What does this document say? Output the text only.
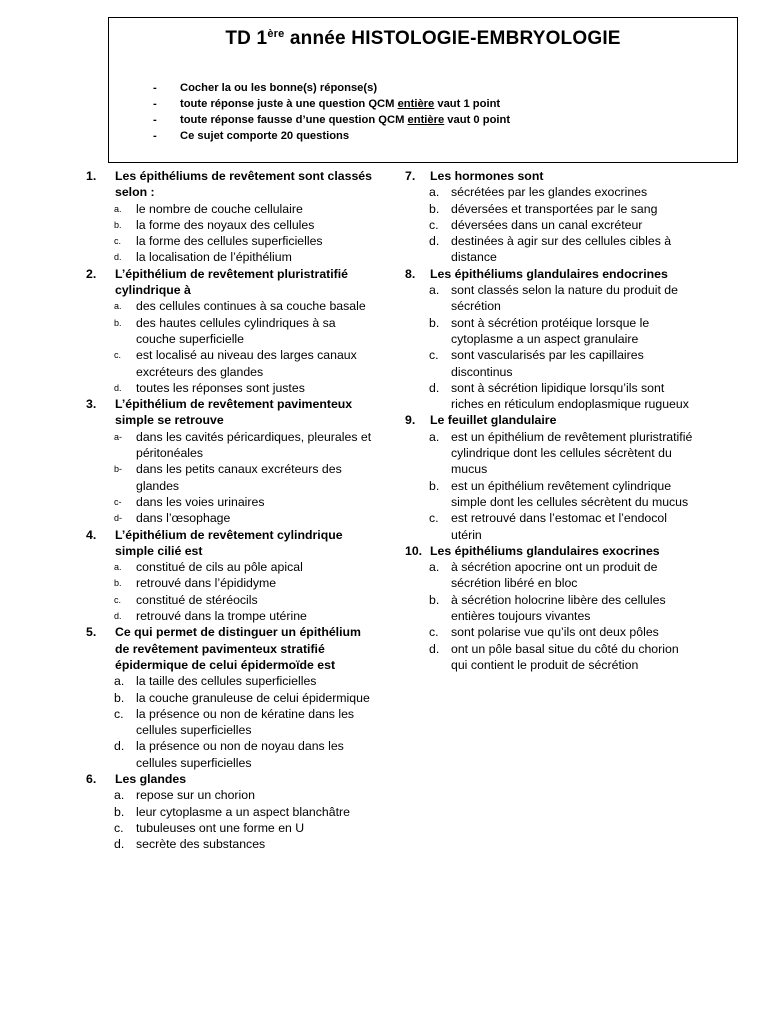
TD 1ère année HISTOLOGIE-EMBRYOLOGIE
- Cocher la ou les bonne(s) réponse(s)
- toute réponse juste à une question QCM entière vaut 1 point
- toute réponse fausse d’une question QCM entière vaut 0 point
- Ce sujet comporte 20 questions
1.	Les épithéliums de revêtement sont classés selon :
a.	le nombre de couche cellulaire
b.	la forme des noyaux des cellules
c.	la forme des cellules superficielles
d.	la localisation de l’épithélium
2.	L’épithélium de revêtement pluristratifié cylindrique à
a.	des cellules continues à sa couche basale
b.	des hautes cellules cylindriques à sa couche superficielle
c.	est localisé au niveau des larges canaux excréteurs des glandes
d.	toutes les réponses sont justes
3.	L’épithélium de revêtement pavimenteux simple se retrouve
a-	dans les cavités péricardiques, pleurales et péritonéales
b-	dans les petits canaux excréteurs des glandes
c-	dans les voies urinaires
d-	dans l’œsophage
4.	L’épithélium de revêtement cylindrique simple cilié est
a.	constitué de cils au pôle apical
b.	retrouvé dans l’épididyme
c.	constitué de stéréocils
d.	retrouvé dans la trompe utérine
5.	Ce qui permet de distinguer un épithélium de revêtement pavimenteux stratifié épidermique de celui épidermoïde est
a. la taille des cellules superficielles
b. la couche granuleuse de celui épidermique
c.	la présence ou non de kératine dans les cellules superficielles
d. la présence ou non de noyau dans les cellules superficielles
6.	Les glandes
a. repose sur un chorion
b. leur cytoplasme a un aspect blanchâtre
c.	tubuleuses ont une forme en U
d. secrète des substances
7.	Les hormones sont
a. sécrétées par les glandes exocrines
b. déversées et transportées par le sang
c.	déversées dans un canal excréteur
d. destinées à agir sur des cellules cibles à distance
8.	Les épithéliums glandulaires endocrines
a. sont classés selon la nature du produit de sécrétion
b. sont à sécrétion protéique lorsque le cytoplasme a un aspect granulaire
c.	sont vascularisés par les capillaires discontinus
d. sont à sécrétion lipidique lorsqu’ils sont riches en réticulum endoplasmique rugueux
9.	Le feuillet glandulaire
a. est un épithélium de revêtement pluristratifié cylindrique dont les cellules sécrètent du mucus
b. est un épithélium revêtement cylindrique simple dont les cellules sécrètent du mucus
c.	est retrouvé dans l’estomac et l’endocol utérin
10. Les épithéliums glandulaires exocrines
a. à sécrétion apocrine ont un produit de sécrétion libéré en bloc
b. à sécrétion holocrine libère des cellules entières toujours vivantes
c.	sont polarise vue qu’ils ont deux pôles
d. ont un pôle basal situe du côté du chorion qui contient le produit de sécrétion
